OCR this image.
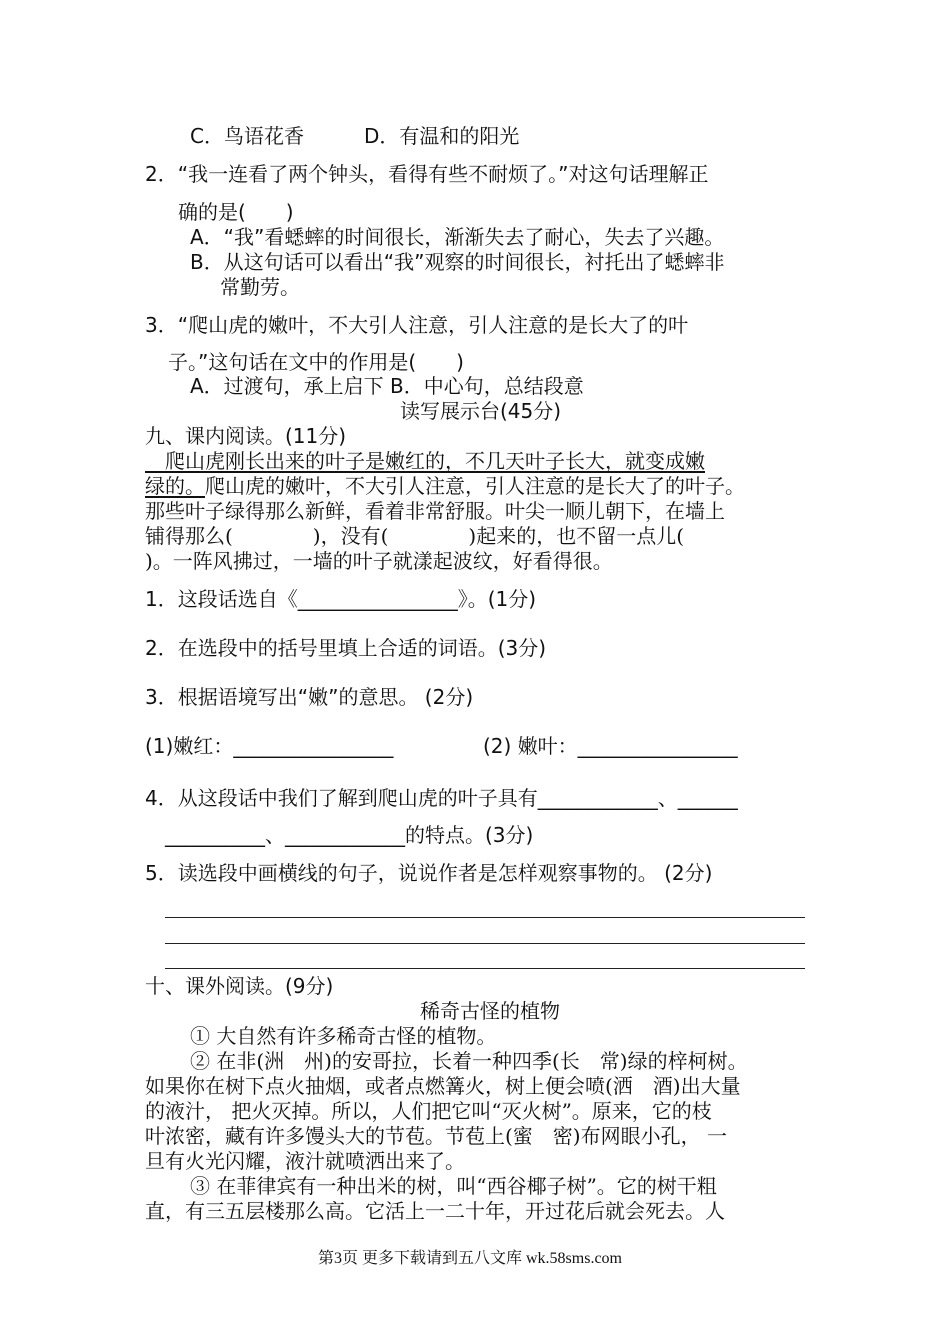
C．鸟语花香　　　D．有温和的阳光
2．“我一连看了两个钟头，看得有些不耐烦了。”对这句话理解正
确的是(　　)
A．“我”看蟋蟀的时间很长，渐渐失去了耐心，失去了兴趣。
B．从这句话可以看出“我”观察的时间很长，衬托出了蟋蟀非
常勤劳。
3．“爬山虎的嫩叶，不大引人注意，引人注意的是长大了的叶
子。”这句话在文中的作用是(　　)
A．过渡句，承上启下 B．中心句，总结段意
读写展示台(45分)
九、课内阅读。(11分)
　爬山虎刚长出来的叶子是嫩红的，不几天叶子长大，就变成嫩
绿的。爬山虎的嫩叶，不大引人注意，引人注意的是长大了的叶子。
那些叶子绿得那么新鲜，看着非常舒服。叶尖一顺儿朝下，在墙上
铺得那么(　　　　)，没有(　　　　)起来的，也不留一点儿(
)。一阵风拂过，一墙的叶子就漾起波纹，好看得很。
1．这段话选自《________________》。(1分)
2．在选段中的括号里填上合适的词语。(3分)
3．根据语境写出“嫩”的意思。 (2分)
(1)嫩红：________________	(2) 嫩叶：________________
4．从这段话中我们了解到爬山虎的叶子具有____________、______
__________、____________的特点。(3分)
5．读选段中画横线的句子，说说作者是怎样观察事物的。 (2分)
十、课外阅读。(9分)
稀奇古怪的植物
① 大自然有许多稀奇古怪的植物。
② 在非(洲　州)的安哥拉，长着一种四季(长　常)绿的梓柯树。
如果你在树下点火抽烟，或者点燃篝火，树上便会喷(洒　酒)出大量
的液汁， 把火灭掉。所以，人们把它叫“灭火树”。原来，它的枝
叶浓密，藏有许多馒头大的节苞。节苞上(蜜　密)布网眼小孔， 一
旦有火光闪耀，液汁就喷洒出来了。
③ 在菲律宾有一种出米的树，叫“西谷椰子树”。它的树干粗
直，有三五层楼那么高。它活上一二十年，开过花后就会死去。人
第3页 更多下载请到五八文库 wk.58sms.com
